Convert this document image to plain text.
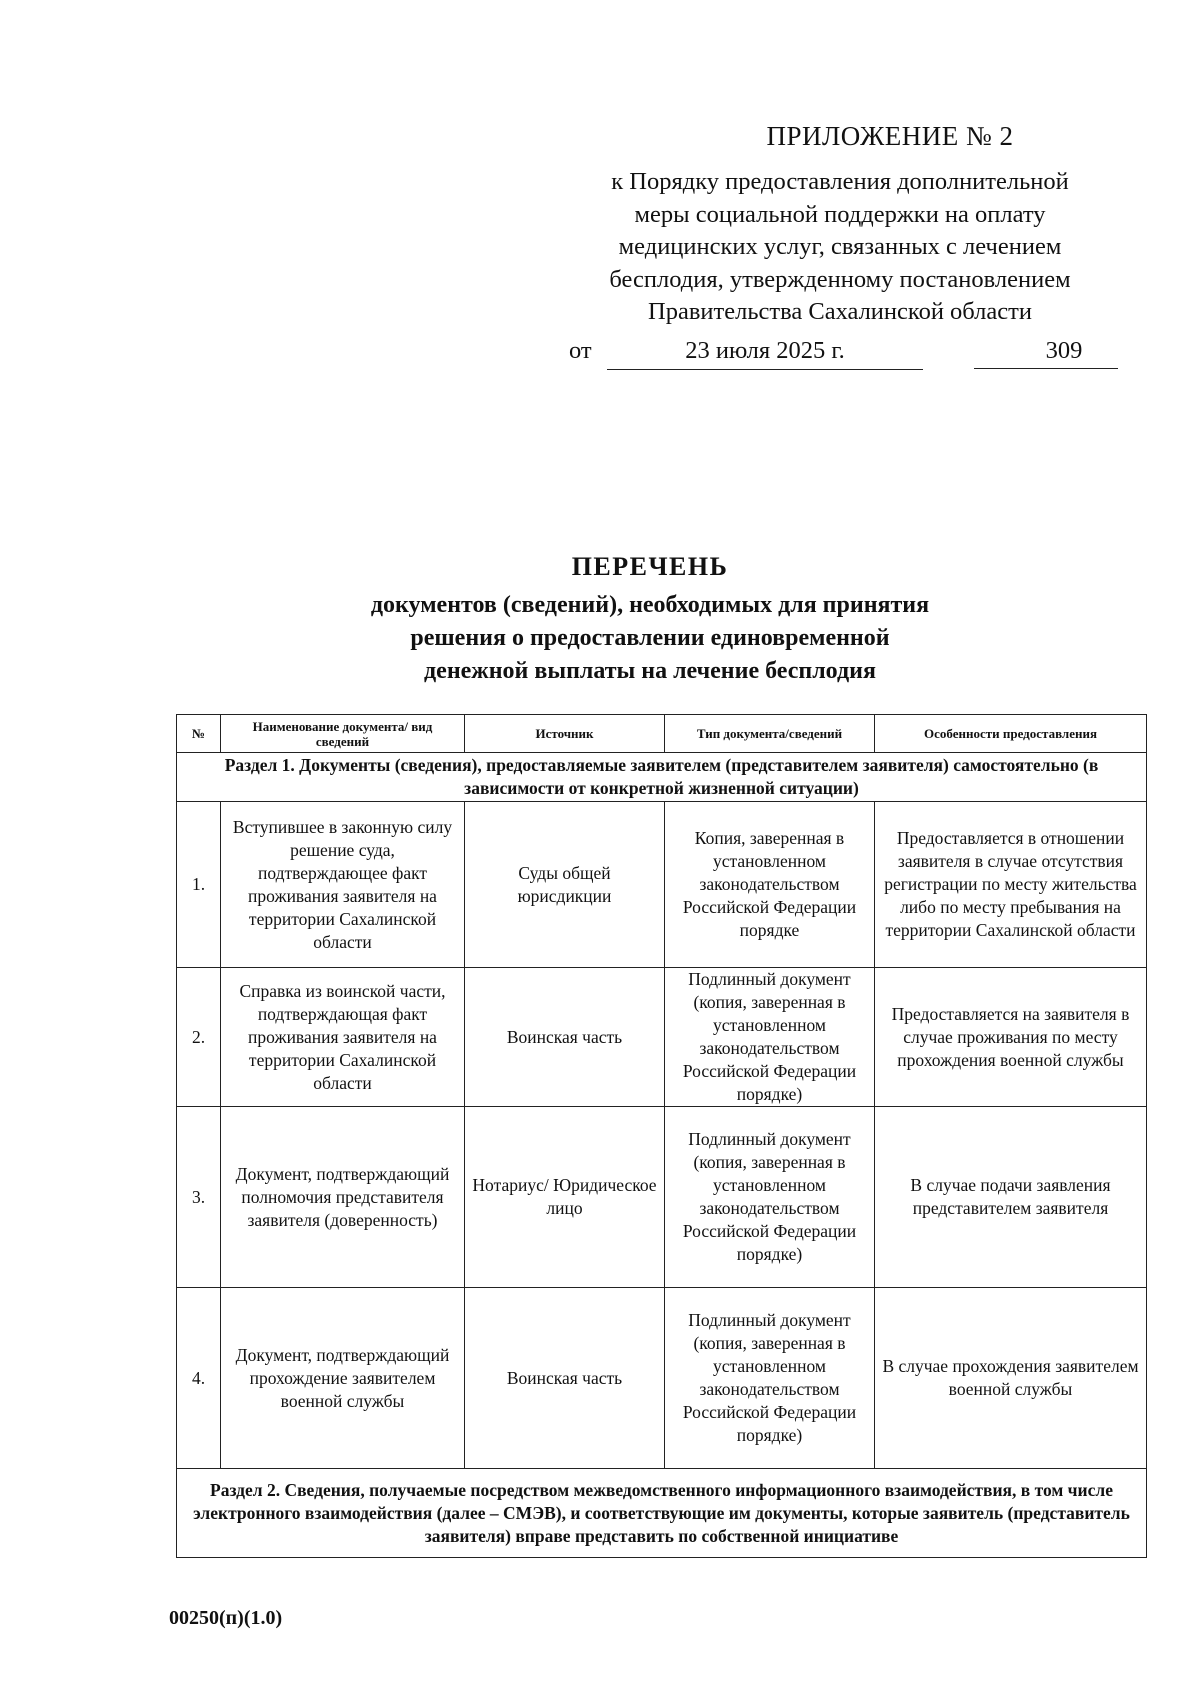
ПРИЛОЖЕНИЕ № 2
к Порядку предоставления дополнительной
меры социальной поддержки на оплату
медицинских услуг, связанных с лечением
бесплодия, утвержденному постановлением
Правительства Сахалинской области
от	23 июля 2025 г.	309
ПЕРЕЧЕНЬ
документов (сведений), необходимых для принятия
решения о предоставлении единовременной
денежной выплаты на лечение бесплодия
№	Наименование документа/ вид сведений	Источник	Тип документа/сведений	Особенности предоставления
Раздел 1. Документы (сведения), предоставляемые заявителем (представителем заявителя) самостоятельно (в зависимости от конкретной жизненной ситуации)				
1.	Вступившее в законную силу решение суда, подтверждающее факт проживания заявителя на территории Сахалинской области	Суды общей юрисдикции	Копия, заверенная в установленном законодательством Российской Федерации порядке	Предоставляется в отношении заявителя в случае отсутствия регистрации по месту жительства либо по месту пребывания на территории Сахалинской области
2.	Справка из воинской части, подтверждающая факт проживания заявителя на территории Сахалинской области	Воинская часть	Подлинный документ (копия, заверенная в установленном законодательством Российской Федерации порядке)	Предоставляется на заявителя в случае проживания по месту прохождения военной службы
3.	Документ, подтверждающий полномочия представителя заявителя (доверенность)	Нотариус/ Юридическое лицо	Подлинный документ (копия, заверенная в установленном законодательством Российской Федерации порядке)	В случае подачи заявления представителем заявителя
4.	Документ, подтверждающий прохождение заявителем военной службы	Воинская часть	Подлинный документ (копия, заверенная в установленном законодательством Российской Федерации порядке)	В случае прохождения заявителем военной службы
Раздел 2. Сведения, получаемые посредством межведомственного информационного взаимодействия, в том числе электронного взаимодействия (далее – СМЭВ), и соответствующие им документы, которые заявитель (представитель заявителя) вправе представить по собственной инициативе				
00250(п)(1.0)
